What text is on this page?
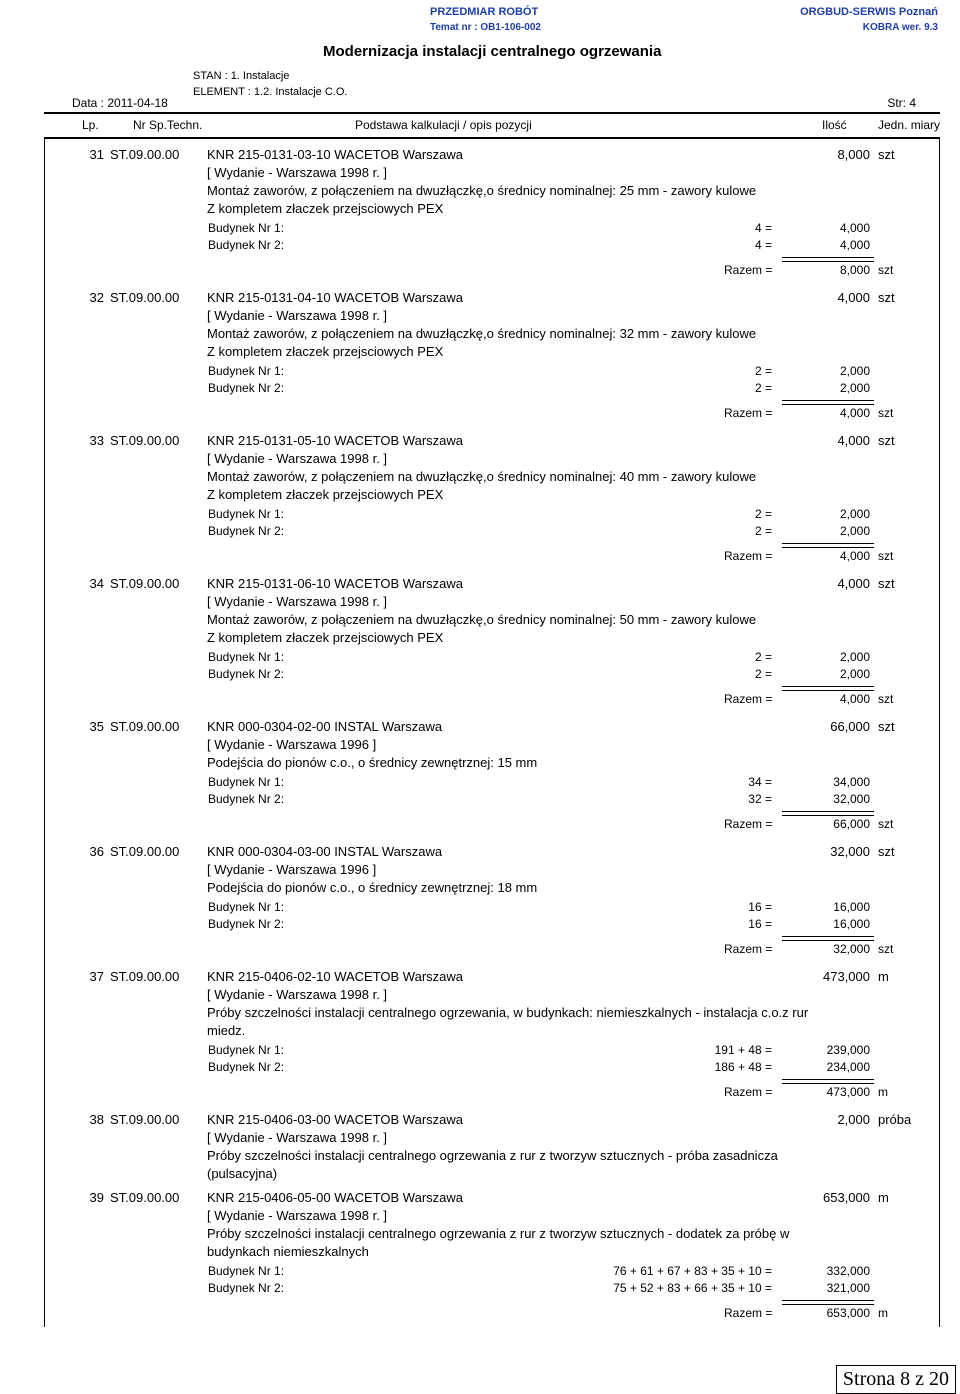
PRZEDMIAR ROBÓT
Temat nr : OB1-106-002
ORGBUD-SERWIS Poznań
KOBRA wer. 9.3
Modernizacja instalacji centralnego ogrzewania
STAN : 1. Instalacje
ELEMENT : 1.2. Instalacje C.O.
Data : 2011-04-18	Str: 4
Lp.	Nr Sp.Techn.	Podstawa kalkulacji / opis pozycji	Ilość	Jedn. miary
31 ST.09.00.00 KNR 215-0131-03-10 WACETOB Warszawa	8,000 szt
[ Wydanie - Warszawa 1998 r. ]
Montaż zaworów, z połączeniem na dwuzłączkę,o średnicy nominalnej: 25 mm - zawory kulowe
Z kompletem złaczek przejsciowych PEX
Budynek Nr 1:	4 =	4,000
Budynek Nr 2:	4 =	4,000
Razem =	8,000 szt
32 ST.09.00.00 KNR 215-0131-04-10 WACETOB Warszawa	4,000 szt
[ Wydanie - Warszawa 1998 r. ]
Montaż zaworów, z połączeniem na dwuzłączkę,o średnicy nominalnej: 32 mm - zawory kulowe
Z kompletem złaczek przejsciowych PEX
Budynek Nr 1:	2 =	2,000
Budynek Nr 2:	2 =	2,000
Razem =	4,000 szt
33 ST.09.00.00 KNR 215-0131-05-10 WACETOB Warszawa	4,000 szt
[ Wydanie - Warszawa 1998 r. ]
Montaż zaworów, z połączeniem na dwuzłączkę,o średnicy nominalnej: 40 mm - zawory kulowe
Z kompletem złaczek przejsciowych PEX
Budynek Nr 1:	2 =	2,000
Budynek Nr 2:	2 =	2,000
Razem =	4,000 szt
34 ST.09.00.00 KNR 215-0131-06-10 WACETOB Warszawa	4,000 szt
[ Wydanie - Warszawa 1998 r. ]
Montaż zaworów, z połączeniem na dwuzłączkę,o średnicy nominalnej: 50 mm - zawory kulowe
Z kompletem złaczek przejsciowych PEX
Budynek Nr 1:	2 =	2,000
Budynek Nr 2:	2 =	2,000
Razem =	4,000 szt
35 ST.09.00.00 KNR 000-0304-02-00 INSTAL Warszawa	66,000 szt
[ Wydanie - Warszawa 1996 ]
Podejścia do pionów c.o., o średnicy zewnętrznej: 15 mm
Budynek Nr 1:	34 =	34,000
Budynek Nr 2:	32 =	32,000
Razem =	66,000 szt
36 ST.09.00.00 KNR 000-0304-03-00 INSTAL Warszawa	32,000 szt
[ Wydanie - Warszawa 1996 ]
Podejścia do pionów c.o., o średnicy zewnętrznej: 18 mm
Budynek Nr 1:	16 =	16,000
Budynek Nr 2:	16 =	16,000
Razem =	32,000 szt
37 ST.09.00.00 KNR 215-0406-02-10 WACETOB Warszawa	473,000 m
[ Wydanie - Warszawa 1998 r. ]
Próby szczelności instalacji centralnego ogrzewania, w budynkach: niemieszkalnych - instalacja c.o.z rur
miedz.
Budynek Nr 1:	191 + 48 =	239,000
Budynek Nr 2:	186 + 48 =	234,000
Razem =	473,000 m
38 ST.09.00.00 KNR 215-0406-03-00 WACETOB Warszawa	2,000 próba
[ Wydanie - Warszawa 1998 r. ]
Próby szczelności instalacji centralnego ogrzewania z rur z tworzyw sztucznych - próba zasadnicza
(pulsacyjna)
39 ST.09.00.00 KNR 215-0406-05-00 WACETOB Warszawa	653,000 m
[ Wydanie - Warszawa 1998 r. ]
Próby szczelności instalacji centralnego ogrzewania z rur z tworzyw sztucznych - dodatek za próbę w
budynkach niemieszkalnych
Budynek Nr 1:	76 + 61 + 67 + 83 + 35 + 10 =	332,000
Budynek Nr 2:	75 + 52 + 83 + 66 + 35 + 10 =	321,000
Razem =	653,000 m
Strona 8 z 20
